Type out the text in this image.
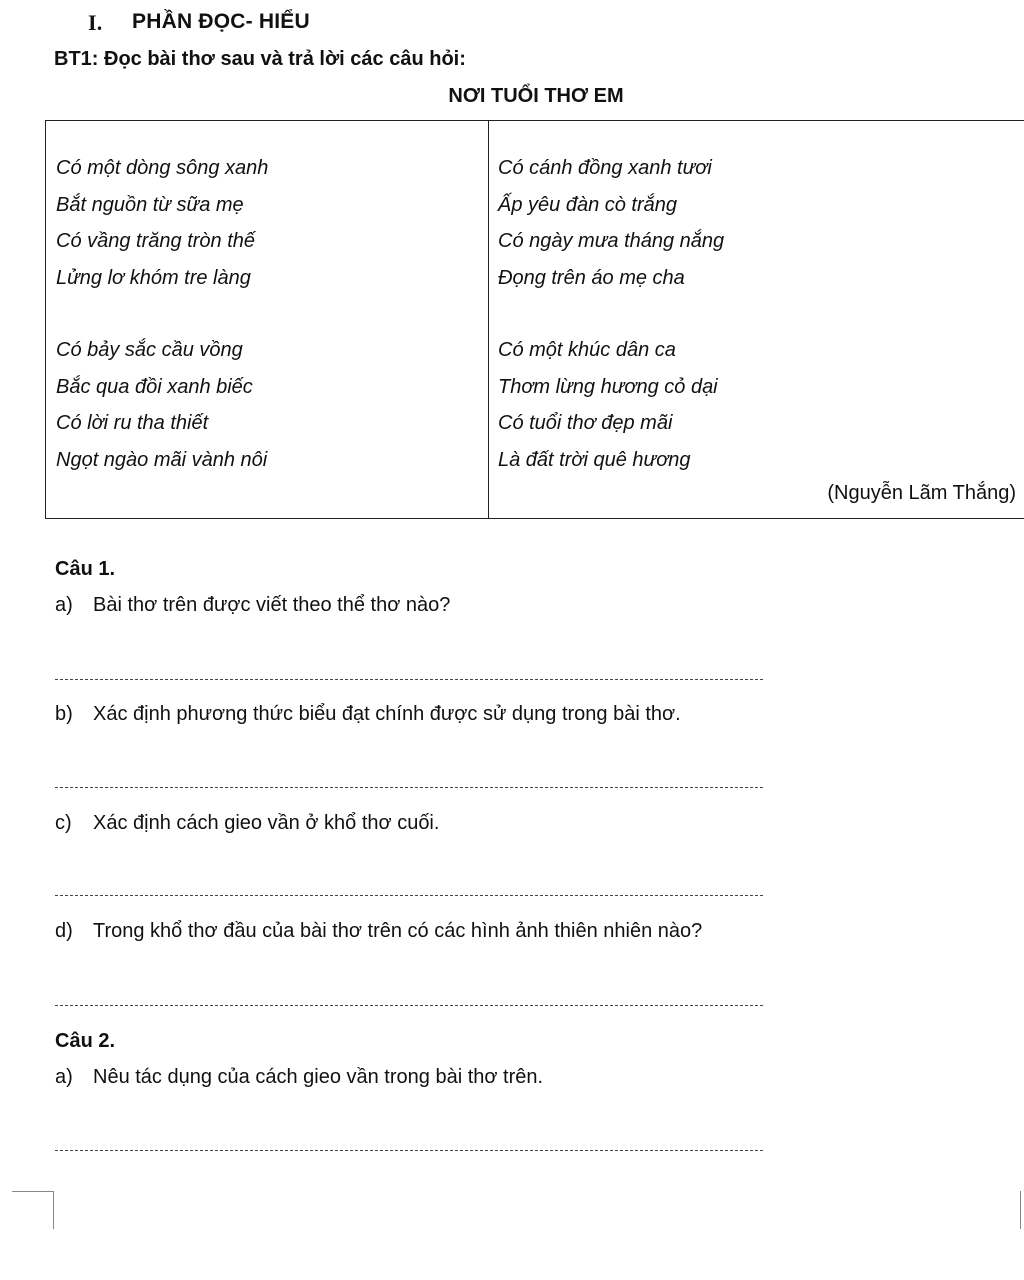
I.	PHẦN ĐỌC- HIỂU
BT1: Đọc bài thơ sau và trả lời các câu hỏi:
NƠI TUỔI THƠ EM
Có một dòng sông xanh
Bắt nguồn từ sữa mẹ
Có vầng trăng tròn thế
Lửng lơ khóm tre làng
Có bảy sắc cầu vồng
Bắc qua đồi xanh biếc
Có lời ru tha thiết
Ngọt ngào mãi vành nôi
Có cánh đồng xanh tươi
Ấp yêu đàn cò trắng
Có ngày mưa tháng nắng
Đọng trên áo mẹ cha
Có một khúc dân ca
Thơm lừng hương cỏ dại
Có tuổi thơ đẹp mãi
Là đất trời quê hương
(Nguyễn Lãm Thắng)
Câu 1.
a)	Bài thơ trên được viết theo thể thơ nào?
b)	Xác định phương thức biểu đạt chính được sử dụng trong bài thơ.
c)	Xác định cách gieo vần ở khổ thơ cuối.
d)	Trong khổ thơ đầu của bài thơ trên có các hình ảnh thiên nhiên nào?
Câu 2.
a)	Nêu tác dụng của cách gieo vần trong bài thơ trên.
